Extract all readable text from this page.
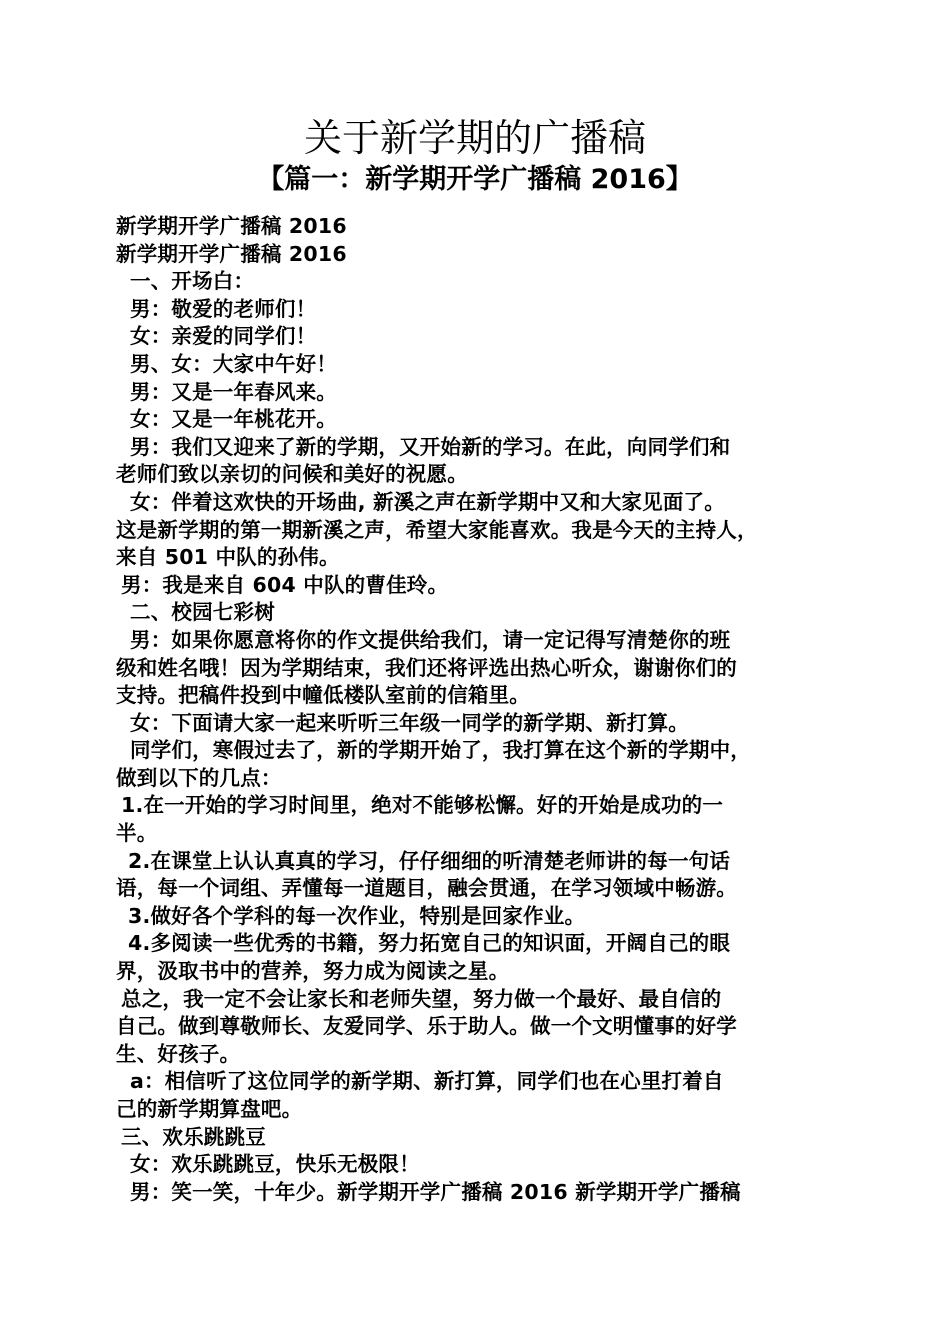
关于新学期的广播稿
【篇一：新学期开学广播稿 2016】
新学期开学广播稿 2016
新学期开学广播稿 2016
一、开场白：
男：敬爱的老师们！
女：亲爱的同学们！
男、女：大家中午好！
男：又是一年春风来。
女：又是一年桃花开。
男：我们又迎来了新的学期，又开始新的学习。在此，向同学们和
老师们致以亲切的问候和美好的祝愿。
女：伴着这欢快的开场曲, 新溪之声在新学期中又和大家见面了。
这是新学期的第一期新溪之声，希望大家能喜欢。我是今天的主持人，
来自 501 中队的孙伟。
男：我是来自 604 中队的曹佳玲。
二、校园七彩树
男：如果你愿意将你的作文提供给我们，请一定记得写清楚你的班
级和姓名哦！因为学期结束，我们还将评选出热心听众，谢谢你们的
支持。把稿件投到中幢低楼队室前的信箱里。
女：下面请大家一起来听听三年级一同学的新学期、新打算。
同学们，寒假过去了，新的学期开始了，我打算在这个新的学期中，
做到以下的几点：
1.在一开始的学习时间里，绝对不能够松懈。好的开始是成功的一
半。
2.在课堂上认认真真的学习，仔仔细细的听清楚老师讲的每一句话
语，每一个词组、弄懂每一道题目，融会贯通，在学习领域中畅游。
3.做好各个学科的每一次作业，特别是回家作业。
4.多阅读一些优秀的书籍，努力拓宽自己的知识面，开阔自己的眼
界，汲取书中的营养，努力成为阅读之星。
总之，我一定不会让家长和老师失望，努力做一个最好、最自信的
自己。做到尊敬师长、友爱同学、乐于助人。做一个文明懂事的好学
生、好孩子。
a：相信听了这位同学的新学期、新打算，同学们也在心里打着自
己的新学期算盘吧。
三、欢乐跳跳豆
女：欢乐跳跳豆，快乐无极限！
男：笑一笑，十年少。新学期开学广播稿 2016 新学期开学广播稿
